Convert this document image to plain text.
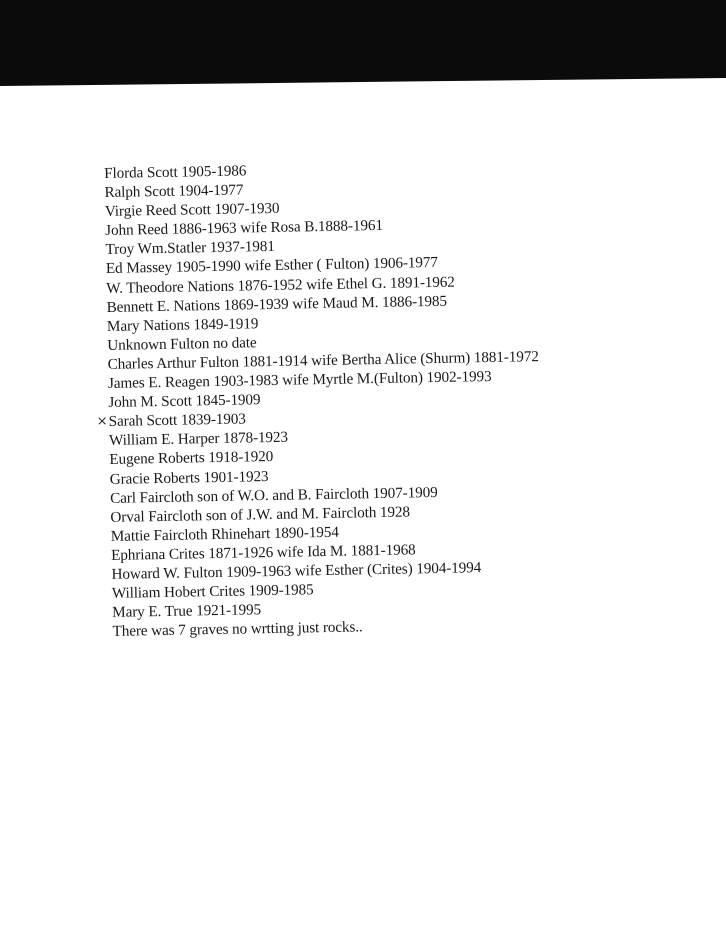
Florda Scott 1905-1986
Ralph Scott 1904-1977
Virgie Reed Scott 1907-1930
John Reed 1886-1963 wife Rosa B.1888-1961
Troy Wm.Statler 1937-1981
Ed Massey 1905-1990 wife Esther ( Fulton) 1906-1977
W. Theodore Nations 1876-1952 wife Ethel G. 1891-1962
Bennett E. Nations 1869-1939 wife Maud M. 1886-1985
Mary Nations 1849-1919
Unknown Fulton no date
Charles Arthur Fulton 1881-1914 wife Bertha Alice (Shurm) 1881-1972
James E. Reagen 1903-1983 wife Myrtle M.(Fulton) 1902-1993
John M. Scott 1845-1909
× Sarah Scott 1839-1903
William E. Harper 1878-1923
Eugene Roberts 1918-1920
Gracie Roberts 1901-1923
Carl Faircloth son of W.O. and B. Faircloth 1907-1909
Orval Faircloth son of J.W. and M. Faircloth 1928
Mattie Faircloth Rhinehart 1890-1954
Ephriana Crites 1871-1926 wife Ida M. 1881-1968
Howard W. Fulton 1909-1963 wife Esther (Crites) 1904-1994
William Hobert Crites 1909-1985
Mary E. True 1921-1995
There was 7 graves no wrtting just rocks..
